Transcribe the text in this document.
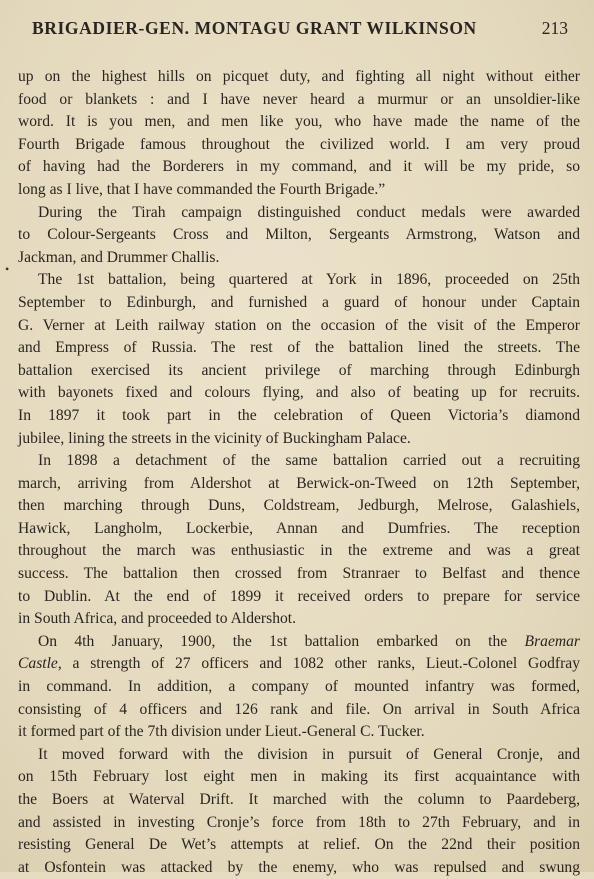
BRIGADIER-GEN. MONTAGU GRANT WILKINSON	213
up on the highest hills on picquet duty, and fighting all night without either
food or blankets : and I have never heard a murmur or an unsoldier-like
word. It is you men, and men like you, who have made the name of the
Fourth Brigade famous throughout the civilized world. I am very proud
of having had the Borderers in my command, and it will be my pride, so
long as I live, that I have commanded the Fourth Brigade.”
During the Tirah campaign distinguished conduct medals were awarded
to Colour-Sergeants Cross and Milton, Sergeants Armstrong, Watson and
Jackman, and Drummer Challis.
The 1st battalion, being quartered at York in 1896, proceeded on 25th
September to Edinburgh, and furnished a guard of honour under Captain
G. Verner at Leith railway station on the occasion of the visit of the Emperor
and Empress of Russia. The rest of the battalion lined the streets. The
battalion exercised its ancient privilege of marching through Edinburgh
with bayonets fixed and colours flying, and also of beating up for recruits.
In 1897 it took part in the celebration of Queen Victoria’s diamond
jubilee, lining the streets in the vicinity of Buckingham Palace.
In 1898 a detachment of the same battalion carried out a recruiting
march, arriving from Aldershot at Berwick-on-Tweed on 12th September,
then marching through Duns, Coldstream, Jedburgh, Melrose, Galashiels,
Hawick, Langholm, Lockerbie, Annan and Dumfries. The reception
throughout the march was enthusiastic in the extreme and was a great
success. The battalion then crossed from Stranraer to Belfast and thence
to Dublin. At the end of 1899 it received orders to prepare for service
in South Africa, and proceeded to Aldershot.
On 4th January, 1900, the 1st battalion embarked on the Braemar
Castle, a strength of 27 officers and 1082 other ranks, Lieut.-Colonel Godfray
in command. In addition, a company of mounted infantry was formed,
consisting of 4 officers and 126 rank and file. On arrival in South Africa
it formed part of the 7th division under Lieut.-General C. Tucker.
It moved forward with the division in pursuit of General Cronje, and
on 15th February lost eight men in making its first acquaintance with
the Boers at Waterval Drift. It marched with the column to Paardeberg,
and assisted in investing Cronje’s force from 18th to 27th February, and in
resisting General De Wet’s attempts at relief. On the 22nd their position
at Osfontein was attacked by the enemy, who was repulsed and swung
•
